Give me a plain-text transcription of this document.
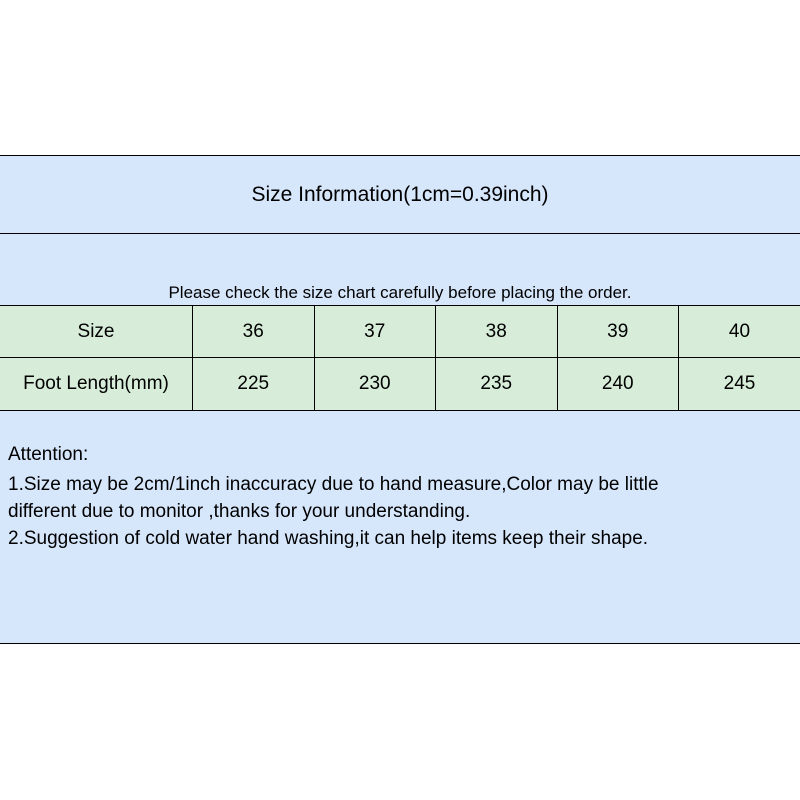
Size Information(1cm=0.39inch)
Please check the size chart carefully before placing the order.
Size	36	37	38	39	40
Foot Length(mm)	225	230	235	240	245
Attention:
1.Size may be 2cm/1inch inaccuracy due to hand measure,Color may be little
different due to monitor ,thanks for your understanding.
2.Suggestion of cold water hand washing,it can help items keep their shape.
